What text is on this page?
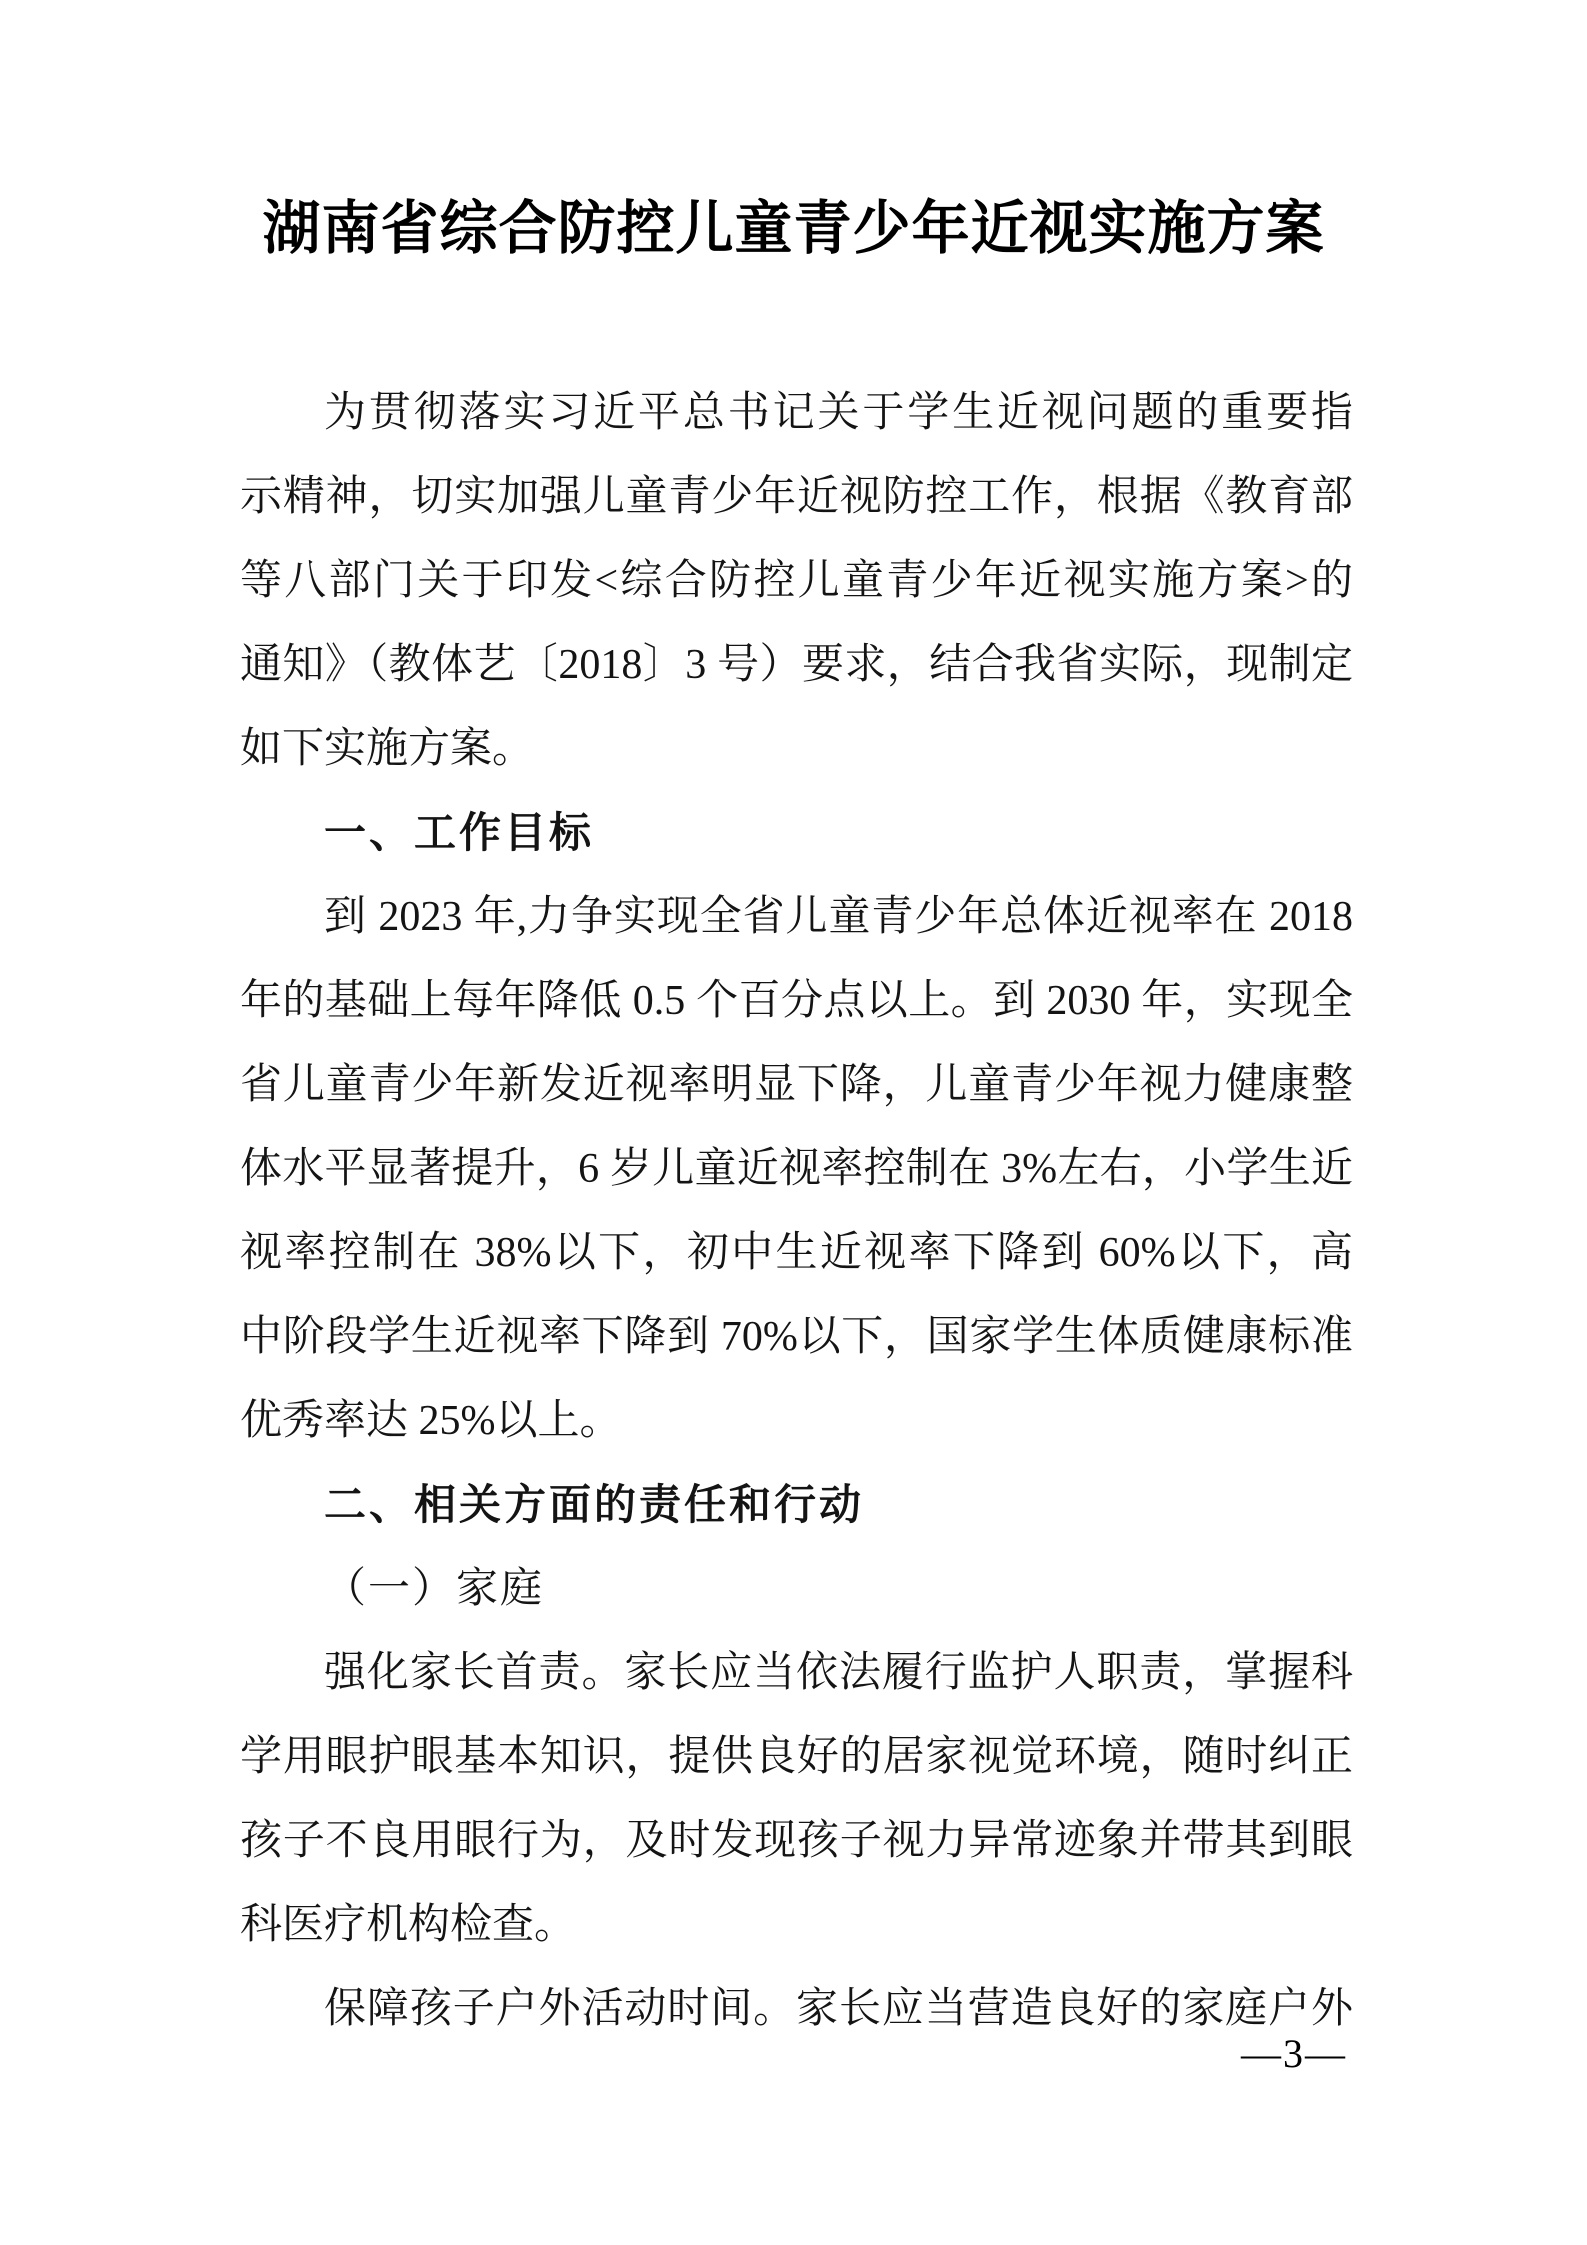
湖南省综合防控儿童青少年近视实施方案
为贯彻落实习近平总书记关于学生近视问题的重要指
示精神，切实加强儿童青少年近视防控工作，根据《教育部
等八部门关于印发<综合防控儿童青少年近视实施方案>的
通知》（教体艺〔2018〕3 号）要求，结合我省实际，现制定
如下实施方案。
一、工作目标
到 2023 年,力争实现全省儿童青少年总体近视率在 2018
年的基础上每年降低 0.5 个百分点以上。到 2030 年，实现全
省儿童青少年新发近视率明显下降，儿童青少年视力健康整
体水平显著提升，6 岁儿童近视率控制在 3%左右，小学生近
视率控制在 38%以下，初中生近视率下降到 60%以下，高
中阶段学生近视率下降到 70%以下，国家学生体质健康标准
优秀率达 25%以上。
二、相关方面的责任和行动
（一）家庭
强化家长首责。家长应当依法履行监护人职责，掌握科
学用眼护眼基本知识，提供良好的居家视觉环境，随时纠正
孩子不良用眼行为，及时发现孩子视力异常迹象并带其到眼
科医疗机构检查。
保障孩子户外活动时间。家长应当营造良好的家庭户外
—3—
